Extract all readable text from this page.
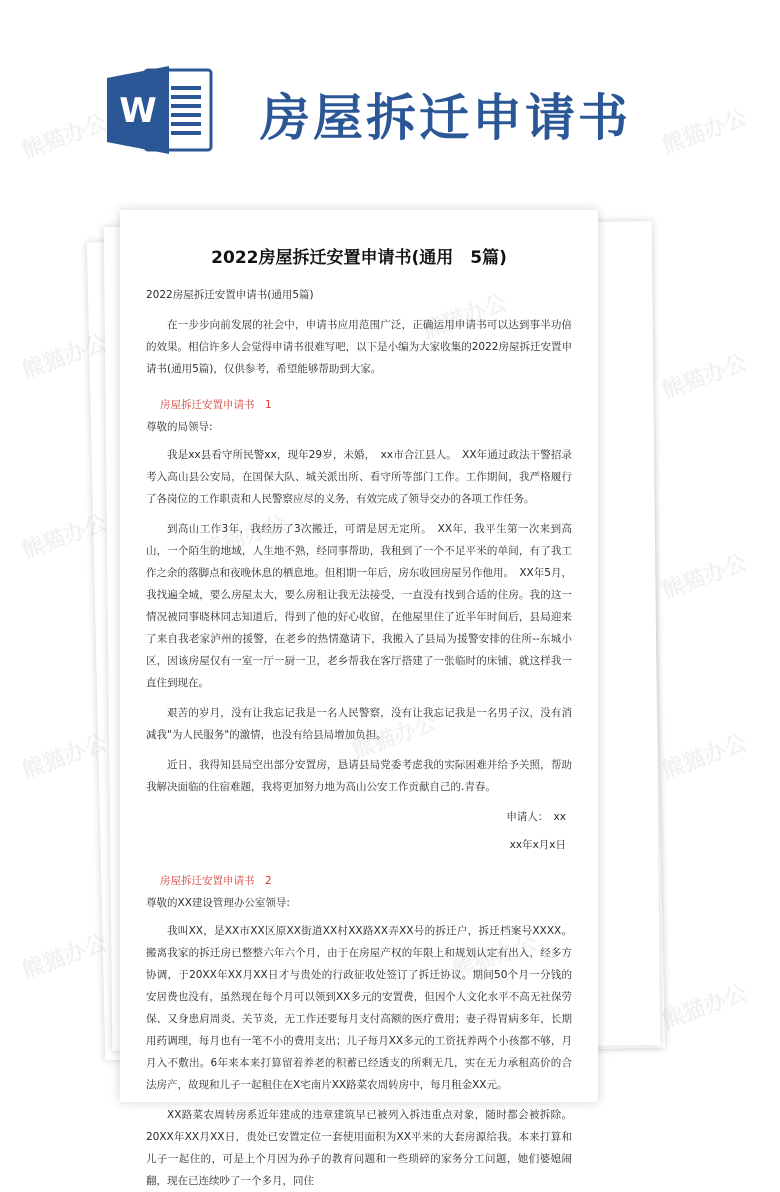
熊猫办公	熊猫办公
熊猫办公	熊猫办公
熊猫办公
熊猫办公
熊猫办公	熊猫办公
熊猫办公
熊猫办公
W 房屋拆迁申请书
2022房屋拆迁安置申请书(通用　5篇)

2022房屋拆迁安置申请书(通用5篇)

在一步步向前发展的社会中，申请书应用范围广泛，正确运用申请书可以达到事半功倍的效果。相信许多人会觉得申请书很难写吧，以下是小编为大家收集的2022房屋拆迁安置申请书(通用5篇)，仅供参考，希望能够帮助到大家。

房屋拆迁安置申请书　1

尊敬的局领导:

我是xx县看守所民警xx，现年29岁，未婚，　xx市合江县人。　XX年通过政法干警招录考入高山县公安局，在国保大队、城关派出所、看守所等部门工作。工作期间，我严格履行了各岗位的工作职责和人民警察应尽的义务，有效完成了领导交办的各项工作任务。

到高山工作3年，我经历了3次搬迁，可谓是居无定所。　XX年，我平生第一次来到高山，一个陌生的地域，人生地不熟，经同事帮助，我租到了一个不足平米的单间，有了我工作之余的落脚点和夜晚休息的栖息地。但相期一年后，房东收回房屋另作他用。　XX年5月，我找遍全城，要么房屋太大，要么房租让我无法接受，一直没有找到合适的住房。我的这一情况被同事晓林同志知道后，得到了他的好心收留，在他屋里住了近半年时间后，县局迎来了来自我老家泸州的援警，在老乡的热情邀请下，我搬入了县局为援警安排的住所--东城小区，因该房屋仅有一室一厅一厨一卫，老乡帮我在客厅搭建了一张临时的床铺，就这样我一直住到现在。

艰苦的岁月，没有让我忘记我是一名人民警察，没有让我忘记我是一名男子汉，没有消减我"为人民服务"的激情，也没有给县局增加负担。

近日，我得知县局空出部分安置房，恳请县局党委考虑我的实际困难并给予关照，帮助我解决面临的住宿难题，我将更加努力地为高山公安工作贡献自己的.青春。

申请人：　xx
xx年x月x日
房屋拆迁安置申请书　2

尊敬的XX建设管理办公室领导:

我叫XX，是XX市XX区原XX街道XX村XX路XX弄XX号的拆迁户，拆迁档案号XXXX。搬离我家的拆迁房已整整六年六个月，由于在房屋产权的年限上和规划认定有出入，经多方协调，于20XX年XX月XX日才与贵处的行政征收处签订了拆迁协议。期间50个月一分钱的安居费也没有，虽然现在每个月可以领到XX多元的安置费，但因个人文化水平不高无社保劳保、又身患肩周炎、关节炎，无工作还要每月支付高额的医疗费用；妻子得胃病多年，长期用药调理，每月也有一笔不小的费用支出；儿子每月XX多元的工资抚养两个小孩都不够，月月入不敷出。6年来本来打算留着养老的积蓄已经透支的所剩无几，实在无力承租高价的合法房产，故现和儿子一起租住在X宅南片XX路菜农周转房中，每月租金XX元。

XX路菜农周转房系近年建成的违章建筑早已被列入拆违重点对象，随时都会被拆除。20XX年XX月XX日，贵处已安置定位一套使用面积为XX平米的大套房源给我。本来打算和儿子一起住的，可是上个月因为孙子的教育问题和一些琐碎的家务分工问题，她们婆媳闹翻，现在已连续吵了一个多月，同住
